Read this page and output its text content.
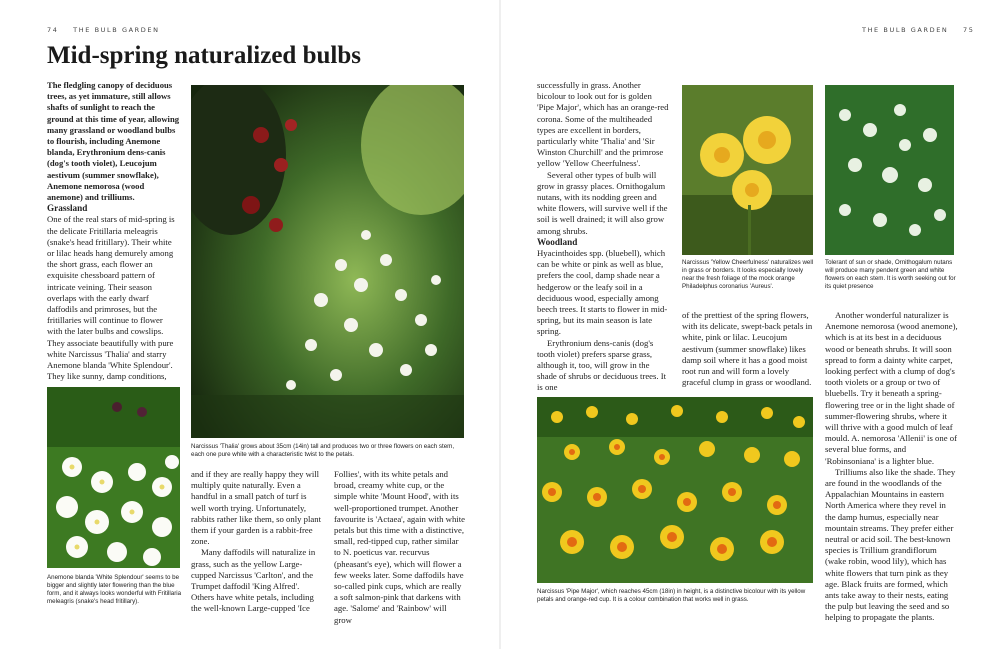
74 THE BULB GARDEN	THE BULB GARDEN 75
Mid-spring naturalized bulbs

The fledgling canopy of deciduous trees, as yet immature, still allows shafts of sunlight to reach the ground at this time of year, allowing many grassland or woodland bulbs to flourish, including Anemone blanda, Erythronium dens-canis (dog's tooth violet), Leucojum aestivum (summer snowflake), Anemone nemorosa (wood anemone) and trilliums.

Grassland

One of the real stars of mid-spring is the delicate Fritillaria meleagris (snake's head fritillary). Their white or lilac heads hang demurely among the short grass, each flower an exquisite chessboard pattern of intricate veining. Their season overlaps with the early dwarf daffodils and primroses, but the fritillaries will continue to flower with the later bulbs and cowslips. They associate beautifully with pure white Narcissus 'Thalia' and starry Anemone blanda 'White Splendour'. They like sunny, damp conditions,

Narcissus 'Thalia' grows about 35cm (14in) tall and produces two or three flowers on each stem, each one pure white with a characteristic twist to the petals.
Anemone blanda 'White Splendour' seems to be bigger and slightly later flowering than the blue form, and it always looks wonderful with Fritillaria meleagris (snake's head fritillary).

and if they are really happy they will multiply quite naturally. Even a handful in a small patch of turf is well worth trying. Unfortunately, rabbits rather like them, so only plant them if your garden is a rabbit-free zone.

Many daffodils will naturalize in grass, such as the yellow Large-cupped Narcissus 'Carlton', and the Trumpet daffodil 'King Alfred'. Others have white petals, including the well-known Large-cupped 'Ice

Follies', with its white petals and broad, creamy white cup, or the simple white 'Mount Hood', with its well-proportioned trumpet. Another favourite is 'Actaea', again with white petals but this time with a distinctive, small, red-tipped cup, rather similar to N. poeticus var. recurvus (pheasant's eye), which will flower a few weeks later. Some daffodils have so-called pink cups, which are really a soft salmon-pink that darkens with age. 'Salome' and 'Rainbow' will grow

successfully in grass. Another bicolour to look out for is golden 'Pipe Major', which has an orange-red corona. Some of the multiheaded types are excellent in borders, particularly white 'Thalia' and 'Sir Winston Churchill' and the primrose yellow 'Yellow Cheerfulness'.

Several other types of bulb will grow in grassy places. Ornithogalum nutans, with its nodding green and white flowers, will survive well if the soil is well drained; it will also grow among shrubs.

Woodland

Hyacinthoides spp. (bluebell), which can be white or pink as well as blue, prefers the cool, damp shade near a hedgerow or the leafy soil in a deciduous wood, especially among beech trees. It starts to flower in mid-spring, but its main season is late spring.

Erythronium dens-canis (dog's tooth violet) prefers sparse grass, although it, too, will grow in the shade of shrubs or deciduous trees. It is one

Narcissus 'Yellow Cheerfulness' naturalizes well in grass or borders. It looks especially lovely near the fresh foliage of the mock orange Philadelphus coronarius 'Aureus'.
Tolerant of sun or shade, Ornithogalum nutans will produce many pendent green and white flowers on each stem. It is worth seeking out for its quiet presence

of the prettiest of the spring flowers, with its delicate, swept-back petals in white, pink or lilac. Leucojum aestivum (summer snowflake) likes damp soil where it has a good moist root run and will form a lovely graceful clump in grass or woodland.

Another wonderful naturalizer is Anemone nemorosa (wood anemone), which is at its best in a deciduous wood or beneath shrubs. It will soon spread to form a dainty white carpet, looking perfect with a clump of dog's tooth violets or a group or two of bluebells. Try it beneath a spring-flowering tree or in the light shade of summer-flowering shrubs, where it will thrive with a good mulch of leaf mould. A. nemorosa 'Allenii' is one of several blue forms, and 'Robinsoniana' is a lighter blue.

Trilliums also like the shade. They are found in the woodlands of the Appalachian Mountains in eastern North America where they revel in the damp humus, especially near mountain streams. They prefer either neutral or acid soil. The best-known species is Trillium grandiflorum (wake robin, wood lily), which has white flowers that turn pink as they age. Black fruits are formed, which ants take away to their nests, eating the pulp but leaving the seed and so helping to propagate the plants.

Narcissus 'Pipe Major', which reaches 45cm (18in) in height, is a distinctive bicolour with its yellow petals and orange-red cup. It is a colour combination that works well in grass.
